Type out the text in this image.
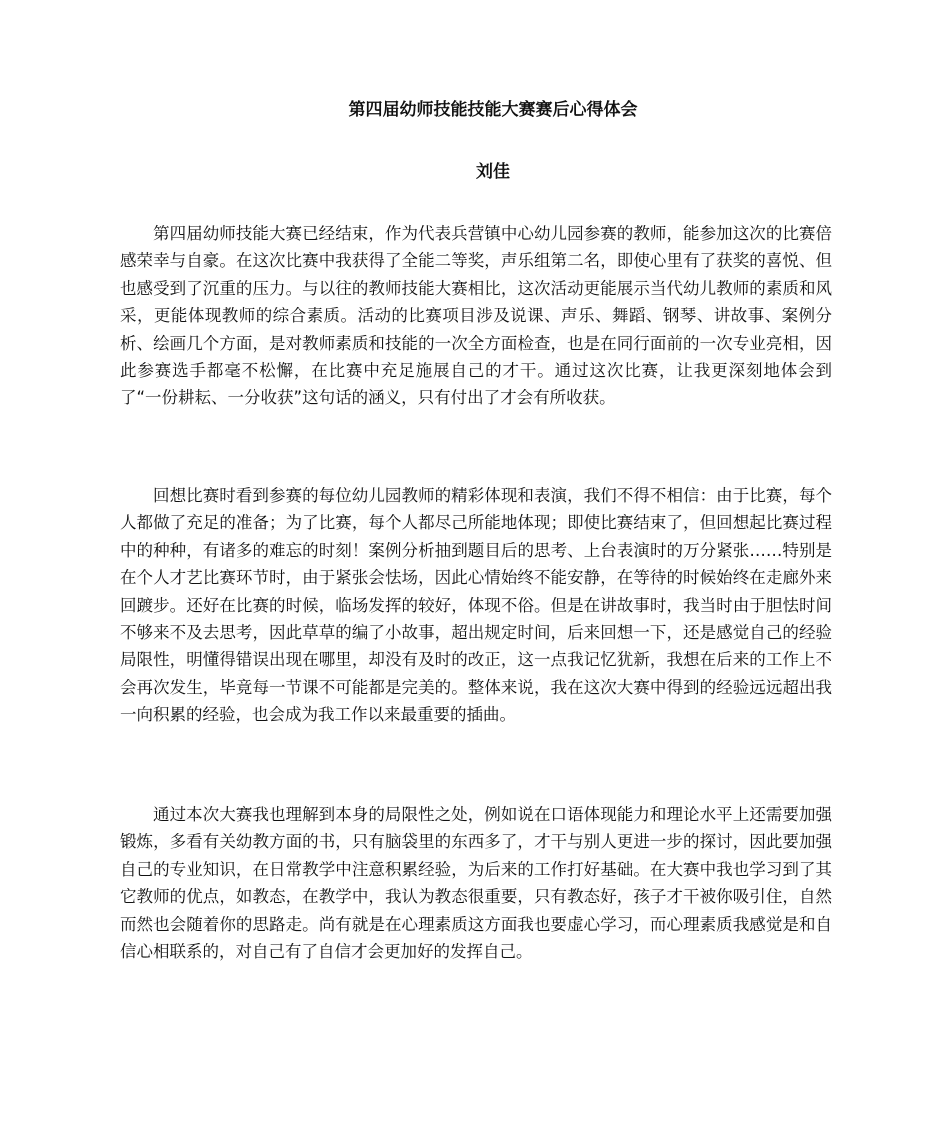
第四届幼师技能技能大赛赛后心得体会
刘佳

第四届幼师技能大赛已经结束，作为代表兵营镇中心幼儿园参赛的教师，能参加这次的比赛倍感荣幸与自豪。在这次比赛中我获得了全能二等奖，声乐组第二名，即使心里有了获奖的喜悦、但也感受到了沉重的压力。与以往的教师技能大赛相比，这次活动更能展示当代幼儿教师的素质和风采，更能体现教师的综合素质。活动的比赛项目涉及说课、声乐、舞蹈、钢琴、讲故事、案例分析、绘画几个方面，是对教师素质和技能的一次全方面检查，也是在同行面前的一次专业亮相，因此参赛选手都毫不松懈，在比赛中充足施展自己的才干。通过这次比赛，让我更深刻地体会到了“一份耕耘、一分收获”这句话的涵义，只有付出了才会有所收获。

回想比赛时看到参赛的每位幼儿园教师的精彩体现和表演，我们不得不相信：由于比赛，每个人都做了充足的准备；为了比赛，每个人都尽己所能地体现；即使比赛结束了，但回想起比赛过程中的种种，有诸多的难忘的时刻！案例分析抽到题目后的思考、上台表演时的万分紧张……特别是在个人才艺比赛环节时，由于紧张会怯场，因此心情始终不能安静，在等待的时候始终在走廊外来回踱步。还好在比赛的时候，临场发挥的较好，体现不俗。但是在讲故事时，我当时由于胆怯时间不够来不及去思考，因此草草的编了小故事，超出规定时间，后来回想一下，还是感觉自己的经验局限性，明懂得错误出现在哪里，却没有及时的改正，这一点我记忆犹新，我想在后来的工作上不会再次发生，毕竟每一节课不可能都是完美的。整体来说，我在这次大赛中得到的经验远远超出我一向积累的经验，也会成为我工作以来最重要的插曲。

通过本次大赛我也理解到本身的局限性之处，例如说在口语体现能力和理论水平上还需要加强锻炼，多看有关幼教方面的书，只有脑袋里的东西多了，才干与别人更进一步的探讨，因此要加强自己的专业知识，在日常教学中注意积累经验，为后来的工作打好基础。在大赛中我也学习到了其它教师的优点，如教态，在教学中，我认为教态很重要，只有教态好，孩子才干被你吸引住，自然而然也会随着你的思路走。尚有就是在心理素质这方面我也要虚心学习，而心理素质我感觉是和自信心相联系的，对自己有了自信才会更加好的发挥自己。
